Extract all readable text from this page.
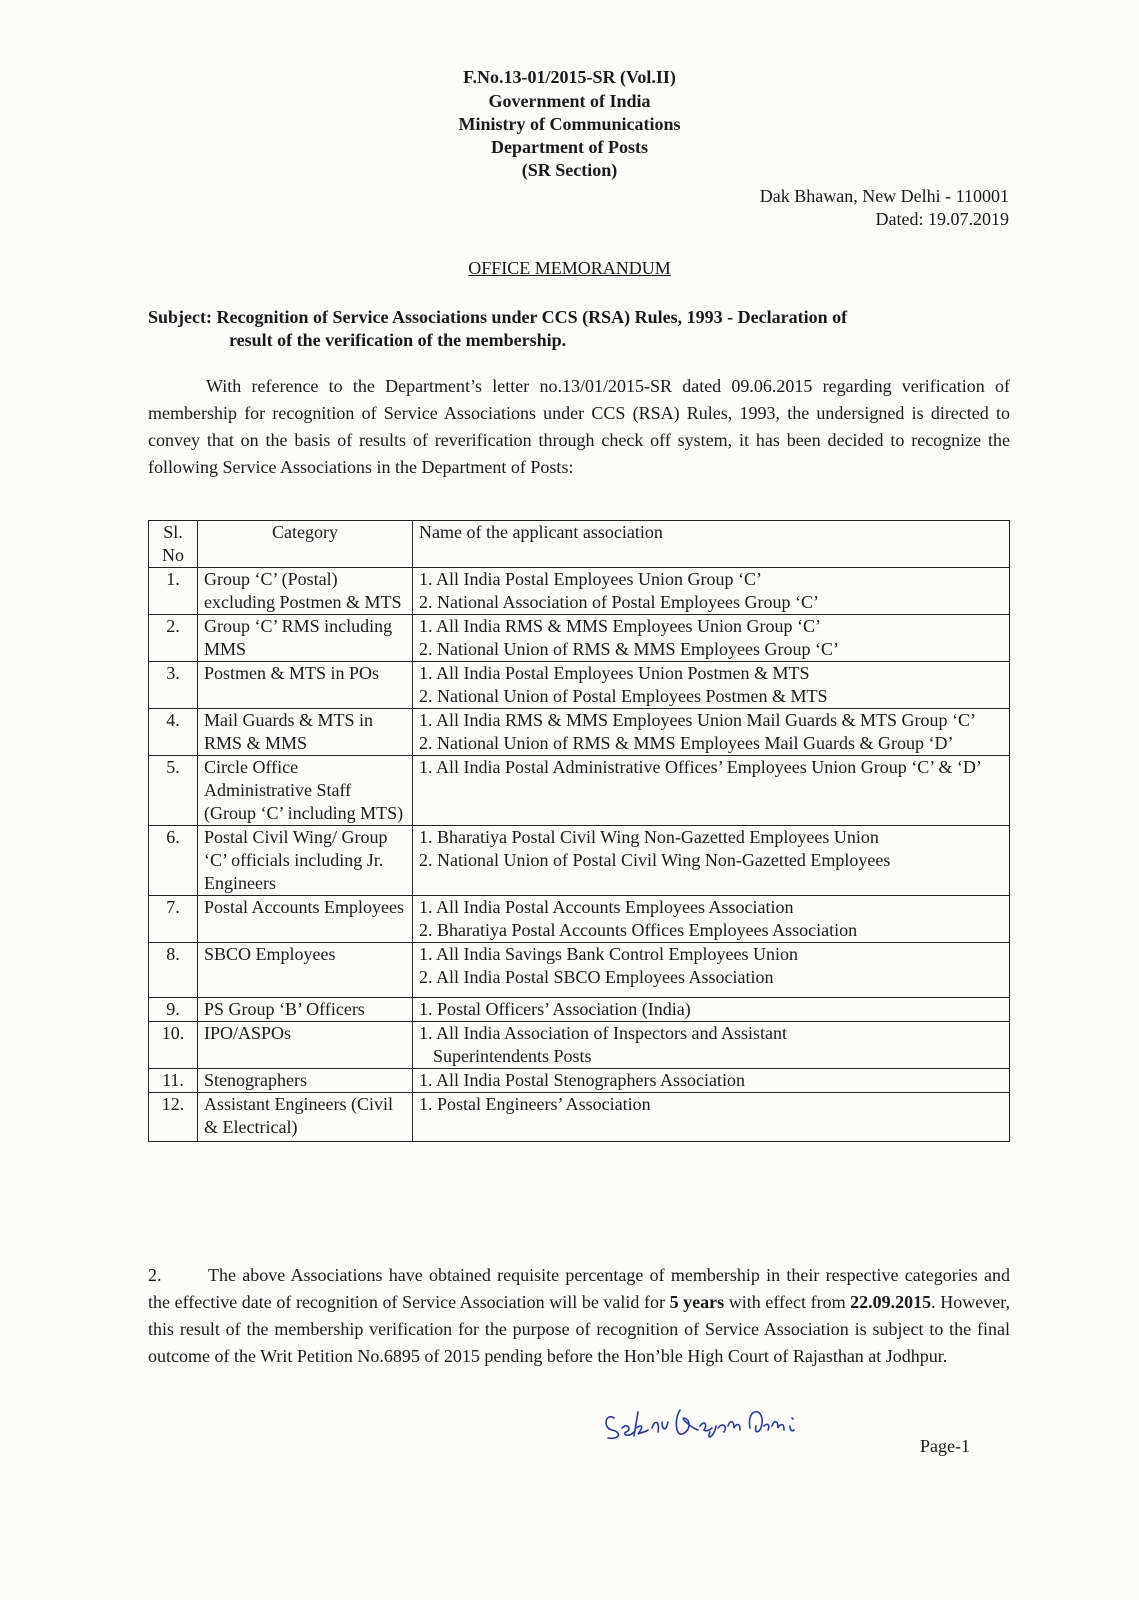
F.No.13-01/2015-SR (Vol.II)
Government of India
Ministry of Communications
Department of Posts
(SR Section)
Dak Bhawan, New Delhi - 110001
Dated: 19.07.2019
OFFICE MEMORANDUM
Subject: Recognition of Service Associations under CCS (RSA) Rules, 1993 - Declaration of
result of the verification of the membership.
With reference to the Department’s letter no.13/01/2015-SR dated 09.06.2015 regarding verification of membership for recognition of Service Associations under CCS (RSA) Rules, 1993, the undersigned is directed to convey that on the basis of results of reverification through check off system, it has been decided to recognize the following Service Associations in the Department of Posts:
Sl. No	Category	Name of the applicant association
1.	Group ‘C’ (Postal) excluding Postmen & MTS	1. All India Postal Employees Union Group ‘C’
2. National Association of Postal Employees Group ‘C’

2.	Group ‘C’ RMS including MMS	1. All India RMS & MMS Employees Union Group ‘C’
2. National Union of RMS & MMS Employees Group ‘C’

3.	Postmen & MTS in POs	1. All India Postal Employees Union Postmen & MTS
2. National Union of Postal Employees Postmen & MTS

4.	Mail Guards & MTS in RMS & MMS	1. All India RMS & MMS Employees Union Mail Guards & MTS Group ‘C’
2. National Union of RMS & MMS Employees Mail Guards & Group ‘D’

5.	Circle Office Administrative Staff (Group ‘C’ including MTS)	1. All India Postal Administrative Offices’ Employees Union Group ‘C’ & ‘D’

6.	Postal Civil Wing/ Group ‘C’ officials including Jr. Engineers	1. Bharatiya Postal Civil Wing Non-Gazetted Employees Union
2. National Union of Postal Civil Wing Non-Gazetted Employees

7.	Postal Accounts Employees	1. All India Postal Accounts Employees Association
2. Bharatiya Postal Accounts Offices Employees Association

8.	SBCO Employees	1. All India Savings Bank Control Employees Union
2. All India Postal SBCO Employees Association

9.	PS Group ‘B’ Officers	1. Postal Officers’ Association (India)

10.	IPO/ASPOs	1. All India Association of Inspectors and Assistant
Superintendents Posts

11.	Stenographers	1. All India Postal Stenographers Association

12.	Assistant Engineers (Civil & Electrical)	1. Postal Engineers’ Association
2.	The above Associations have obtained requisite percentage of membership in their respective categories and the effective date of recognition of Service Association will be valid for 5 years with effect from 22.09.2015. However, this result of the membership verification for the purpose of recognition of Service Association is subject to the final outcome of the Writ Petition No.6895 of 2015 pending before the Hon’ble High Court of Rajasthan at Jodhpur.
Page-1
